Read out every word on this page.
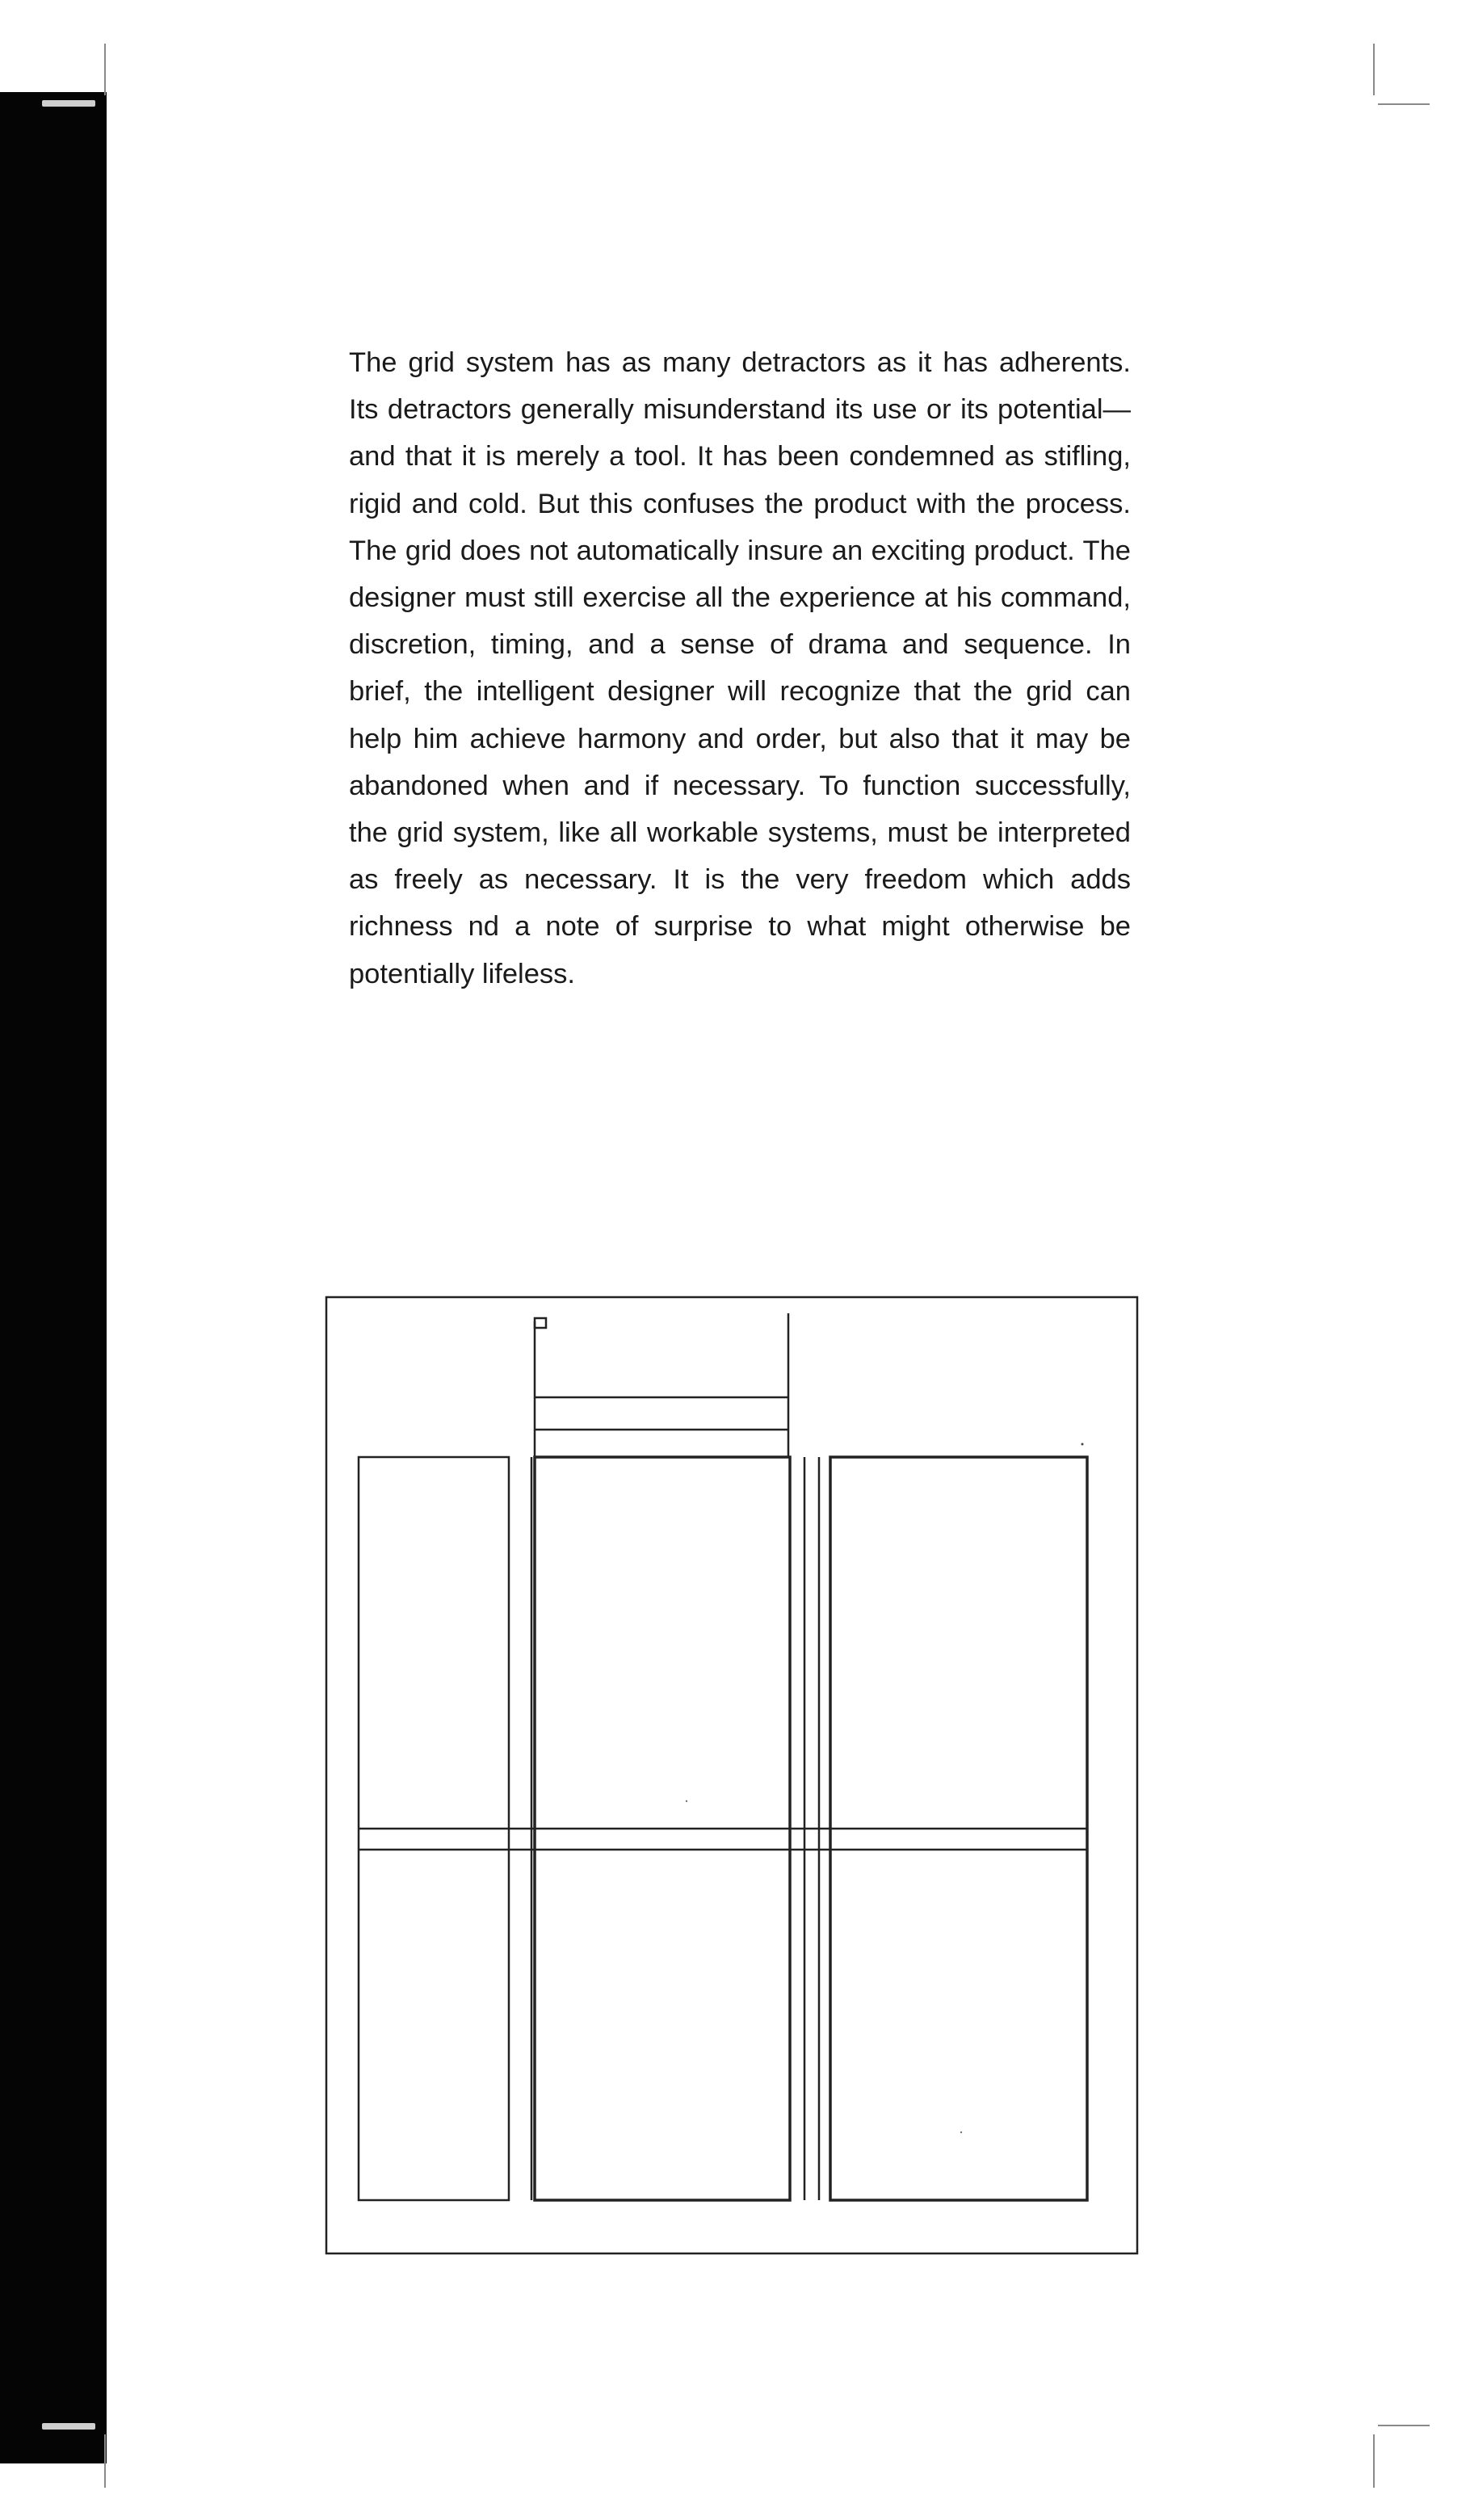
The grid system has as many detractors as it has adherents. Its detractors generally misunderstand its use or its potential—and that it is merely a tool. It has been condemned as stifling, rigid and cold. But this confuses the product with the process. The grid does not automatically insure an exciting product. The designer must still exercise all the experience at his command, discretion, timing, and a sense of drama and sequence. In brief, the intelligent designer will recognize that the grid can help him achieve harmony and order, but also that it may be abandoned when and if necessary. To function successfully, the grid system, like all workable systems, must be interpreted as freely as necessary. It is the very freedom which adds richness nd a note of surprise to what might otherwise be potentially lifeless.
